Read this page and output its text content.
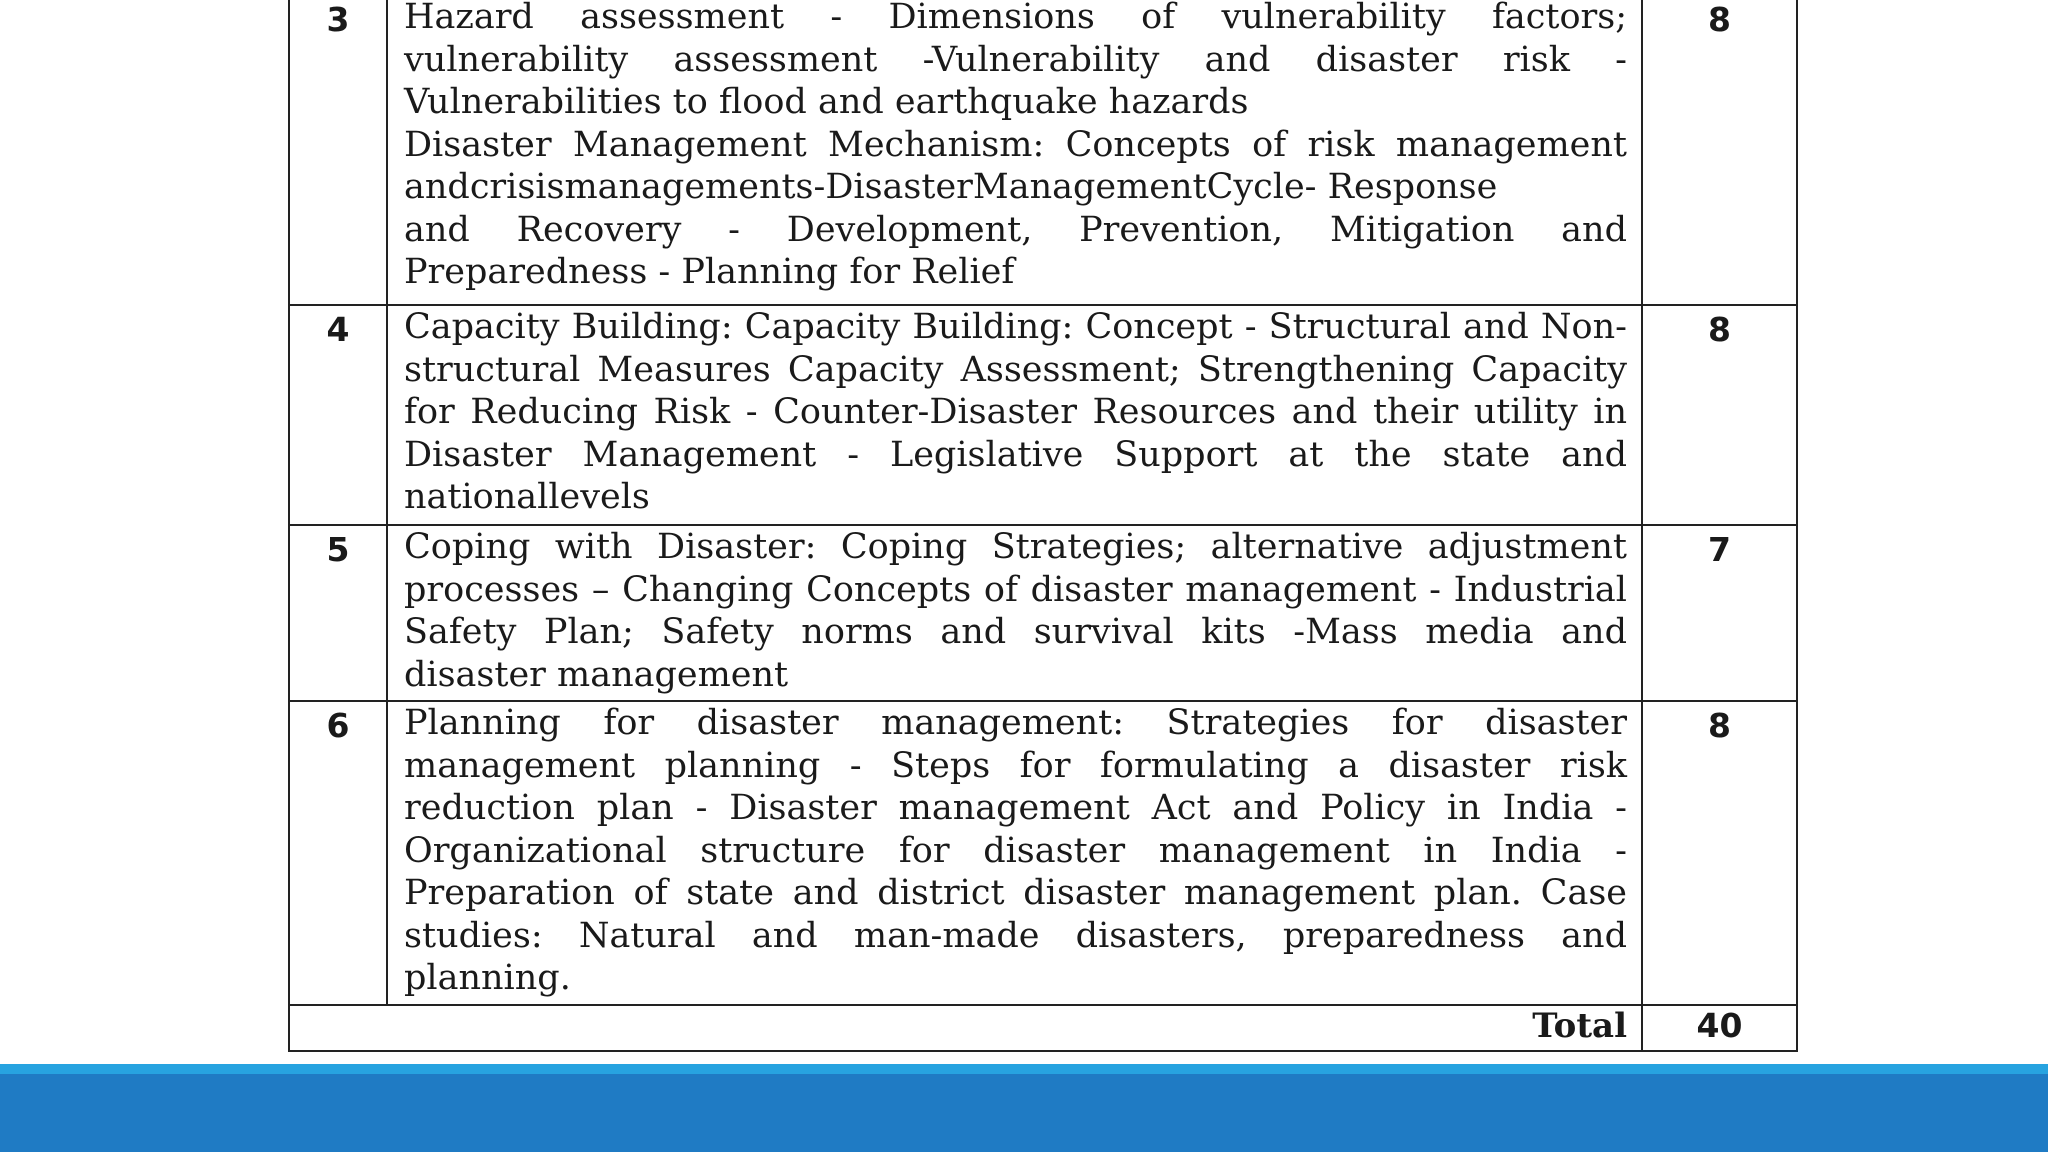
3	Hazard assessment - Dimensions of vulnerability factors; vulnerability assessment -Vulnerability and disaster risk - Vulnerabilities to flood and earthquake hazards

Disaster Management Mechanism: Concepts of risk management andcrisismanagements-DisasterManagementCycle- Response

and Recovery - Development, Prevention, Mitigation and Preparedness - Planning for Relief	8
4	Capacity Building: Capacity Building: Concept - Structural and Non-structural Measures Capacity Assessment; Strengthening Capacity for Reducing Risk - Counter-Disaster Resources and their utility in Disaster Management - Legislative Support at the state and nationallevels	8
5	Coping with Disaster: Coping Strategies; alternative adjustment processes – Changing Concepts of disaster management - Industrial Safety Plan; Safety norms and survival kits -Mass media and disaster management	7
6	Planning for disaster management: Strategies for disaster management planning - Steps for formulating a disaster risk reduction plan - Disaster management Act and Policy in India - Organizational structure for disaster management in India - Preparation of state and district disaster management plan. Case studies: Natural and man-made disasters, preparedness and planning.	8
Total		40
